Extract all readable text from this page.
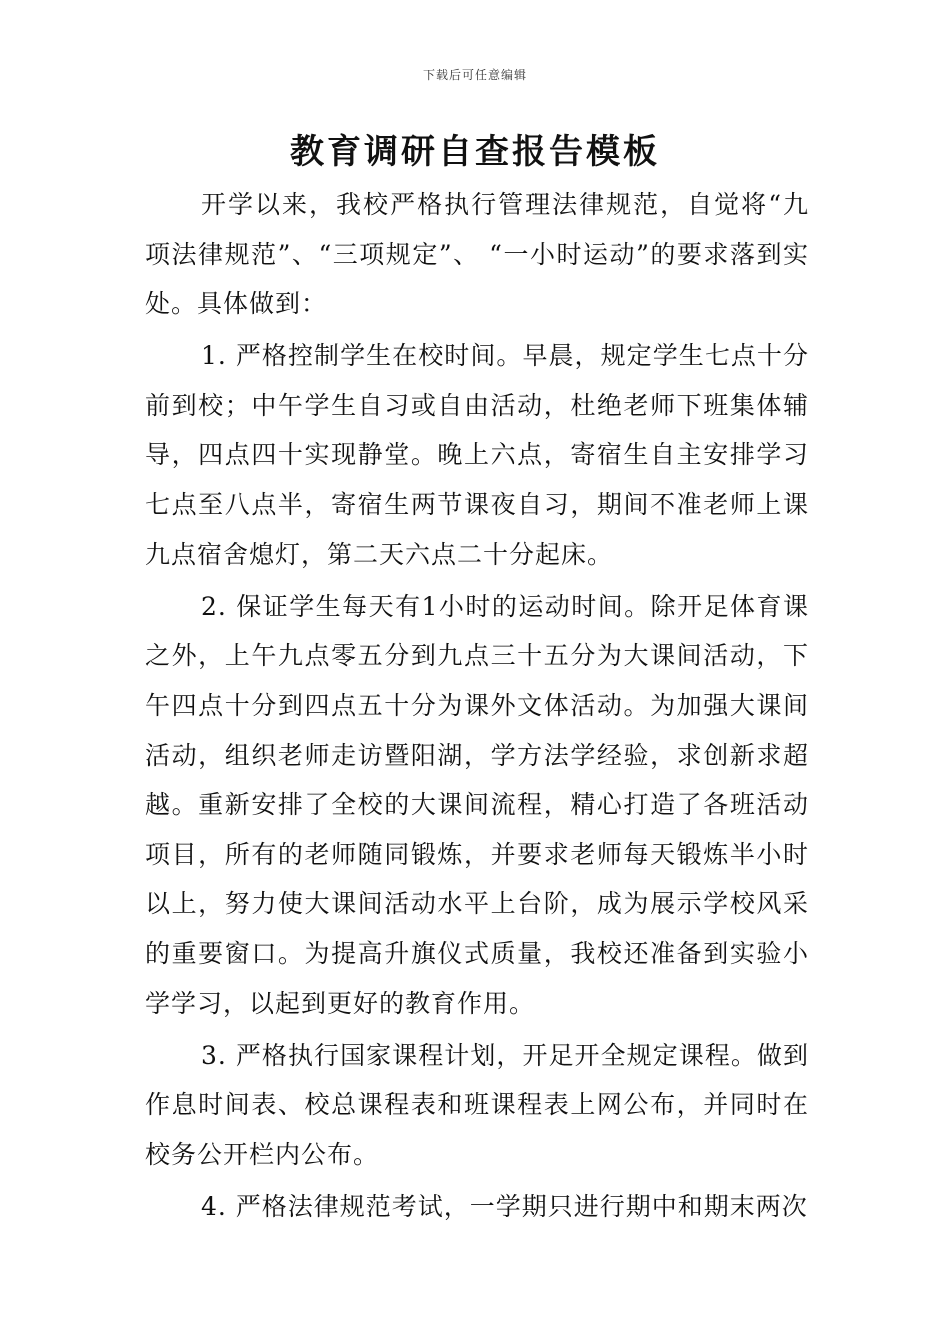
下载后可任意编辑
教育调研自查报告模板

开学以来，我校严格执行管理法律规范，自觉将“九项法律规范”、“三项规定”、 “一小时运动”的要求落到实处。具体做到：

1. 严格控制学生在校时间。早晨，规定学生七点十分前到校；中午学生自习或自由活动，杜绝老师下班集体辅导，四点四十实现静堂。晚上六点，寄宿生自主安排学习七点至八点半，寄宿生两节课夜自习，期间不准老师上课九点宿舍熄灯，第二天六点二十分起床。

2. 保证学生每天有1小时的运动时间。除开足体育课之外，上午九点零五分到九点三十五分为大课间活动，下午四点十分到四点五十分为课外文体活动。为加强大课间活动，组织老师走访暨阳湖，学方法学经验，求创新求超越。重新安排了全校的大课间流程，精心打造了各班活动项目，所有的老师随同锻炼，并要求老师每天锻炼半小时以上，努力使大课间活动水平上台阶，成为展示学校风采的重要窗口。为提高升旗仪式质量，我校还准备到实验小学学习，以起到更好的教育作用。

3. 严格执行国家课程计划，开足开全规定课程。做到作息时间表、校总课程表和班课程表上网公布，并同时在校务公开栏内公布。

4. 严格法律规范考试，一学期只进行期中和期末两次
